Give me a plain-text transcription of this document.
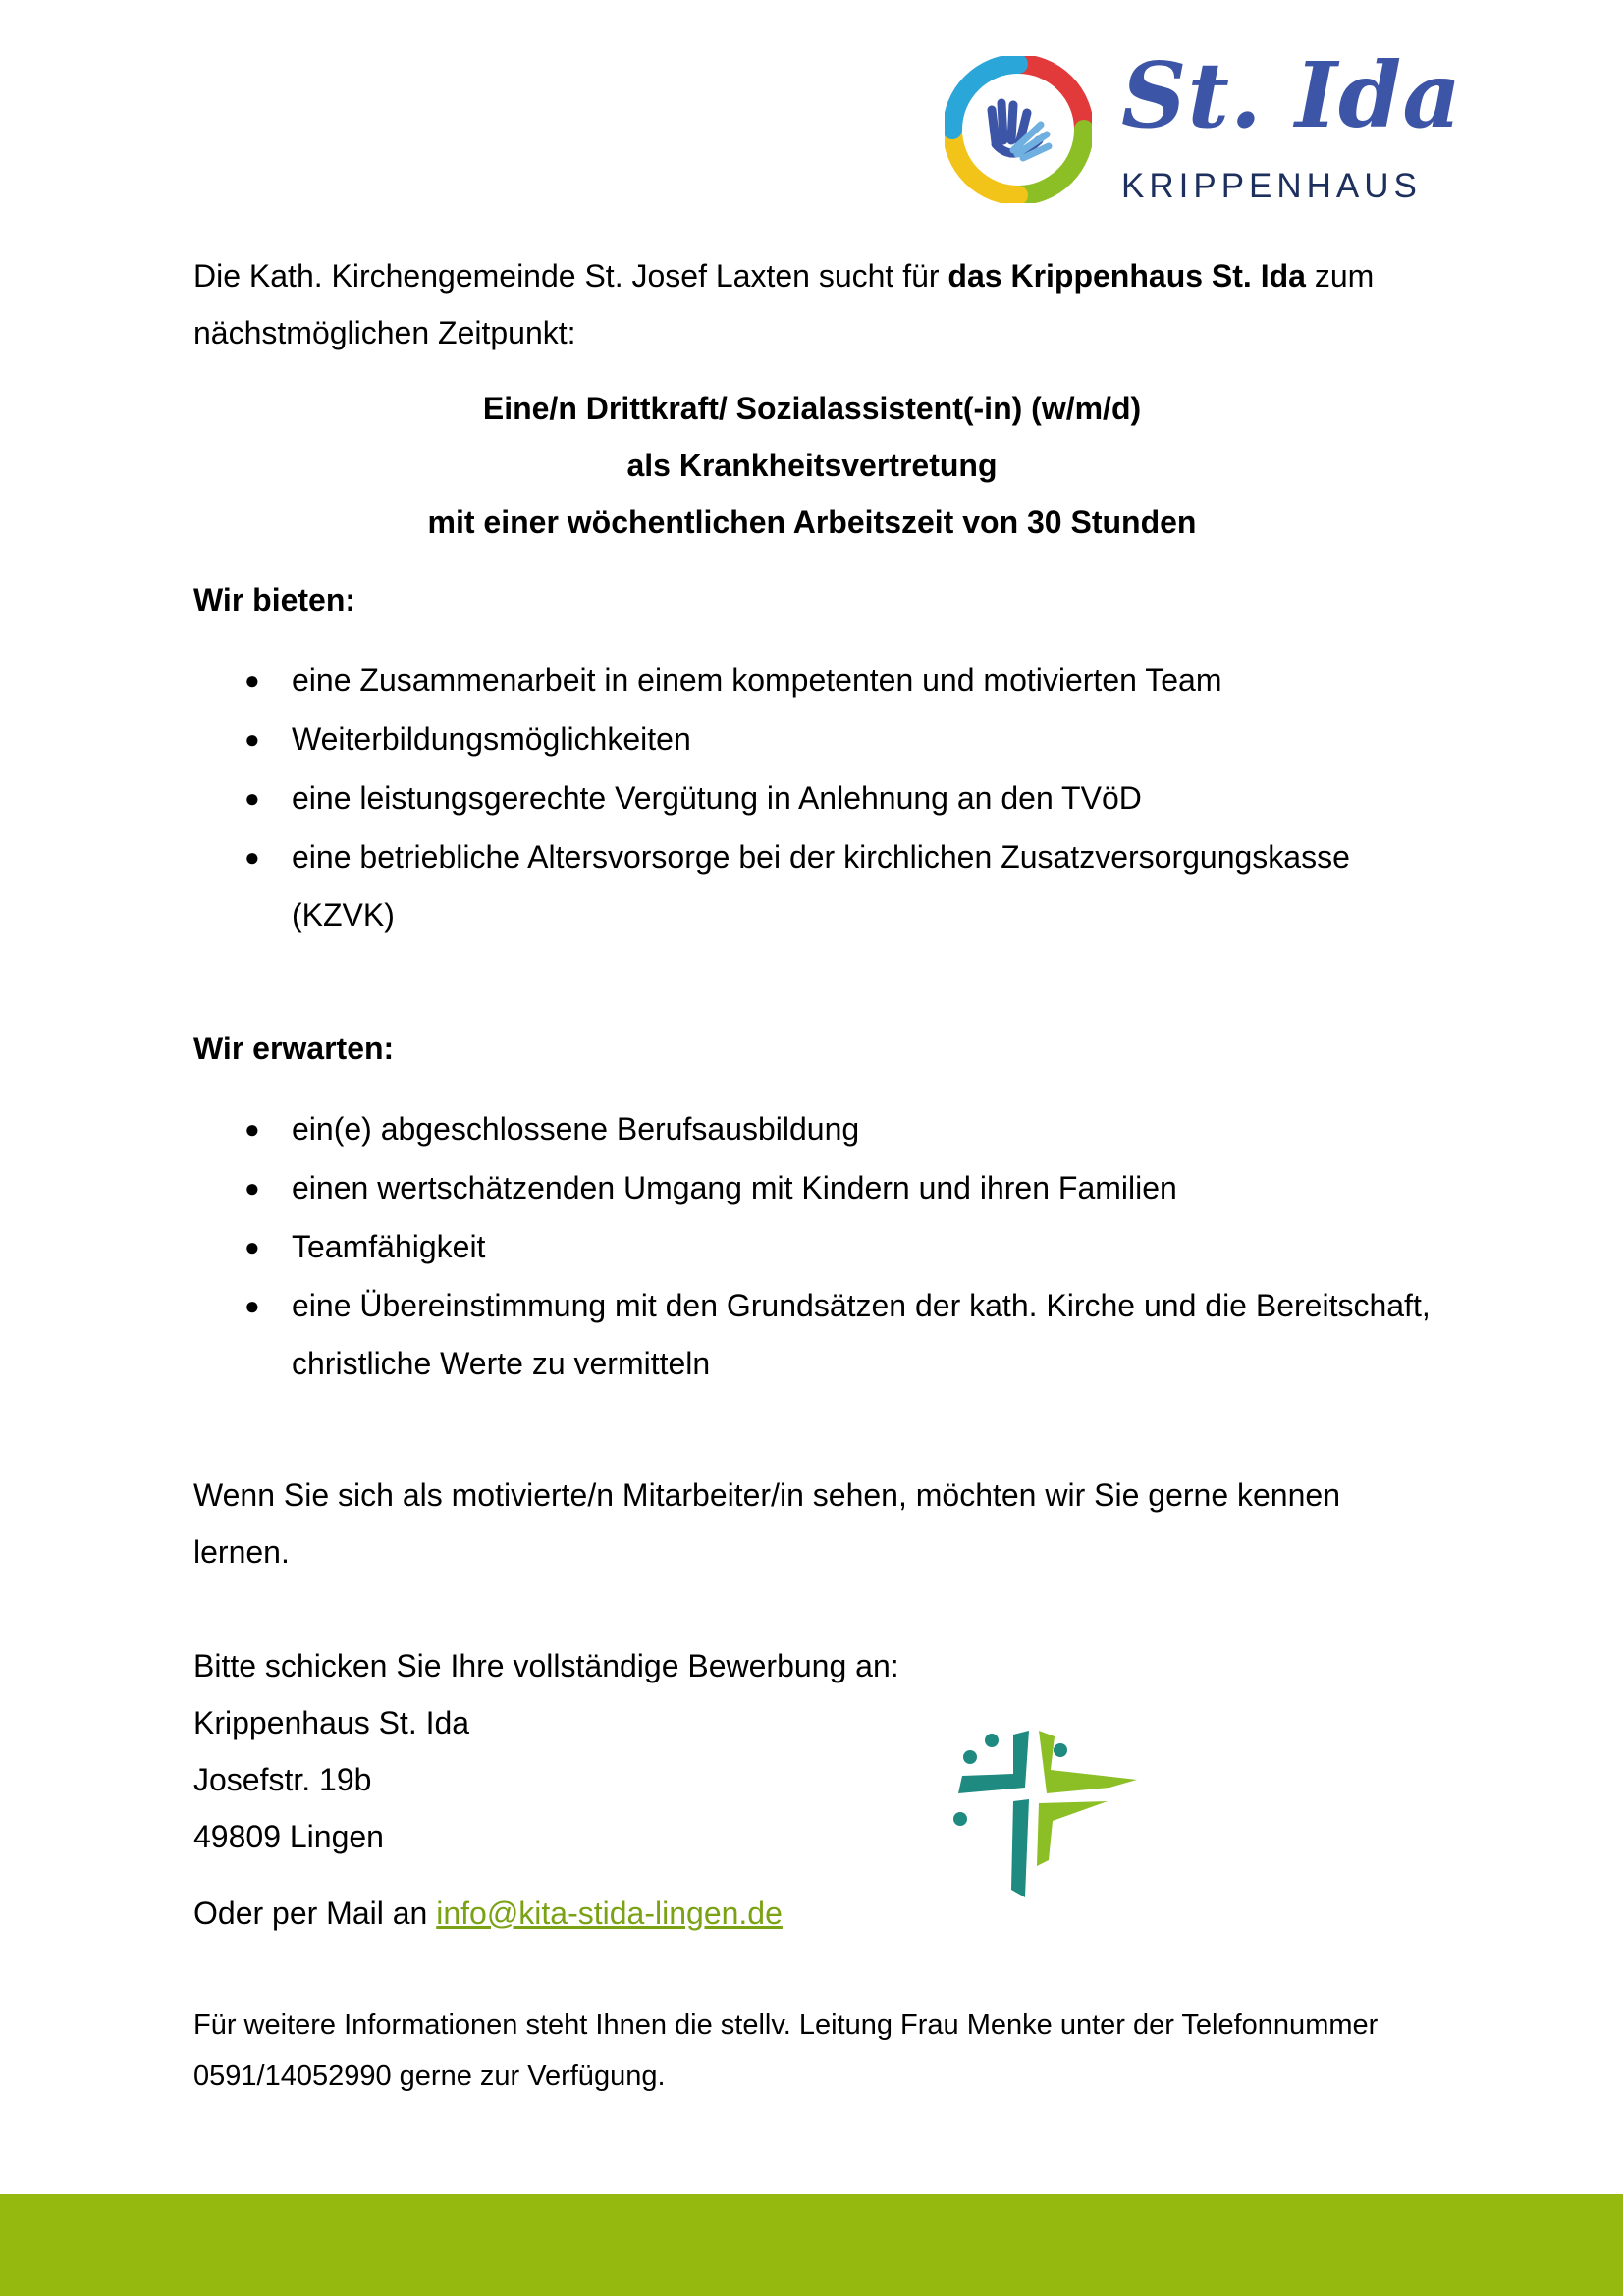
St. Ida
KRIPPENHAUS
Die Kath. Kirchengemeinde St. Josef Laxten sucht für das Krippenhaus St. Ida zum nächstmöglichen Zeitpunkt:
Eine/n Drittkraft/ Sozialassistent(-in) (w/m/d)
als Krankheitsvertretung
mit einer wöchentlichen Arbeitszeit von 30 Stunden
Wir bieten:
● eine Zusammenarbeit in einem kompetenten und motivierten Team
● Weiterbildungsmöglichkeiten
● eine leistungsgerechte Vergütung in Anlehnung an den TVöD
● eine betriebliche Altersvorsorge bei der kirchlichen Zusatzversorgungskasse (KZVK)
Wir erwarten:
● ein(e) abgeschlossene Berufsausbildung
● einen wertschätzenden Umgang mit Kindern und ihren Familien
● Teamfähigkeit
● eine Übereinstimmung mit den Grundsätzen der kath. Kirche und die Bereitschaft, christliche Werte zu vermitteln
Wenn Sie sich als motivierte/n Mitarbeiter/in sehen, möchten wir Sie gerne kennen lernen.
Bitte schicken Sie Ihre vollständige Bewerbung an:
Krippenhaus St. Ida
Josefstr. 19b
49809 Lingen
Oder per Mail an info@kita-stida-lingen.de
Für weitere Informationen steht Ihnen die stellv. Leitung Frau Menke unter der Telefonnummer 0591/14052990 gerne zur Verfügung.
